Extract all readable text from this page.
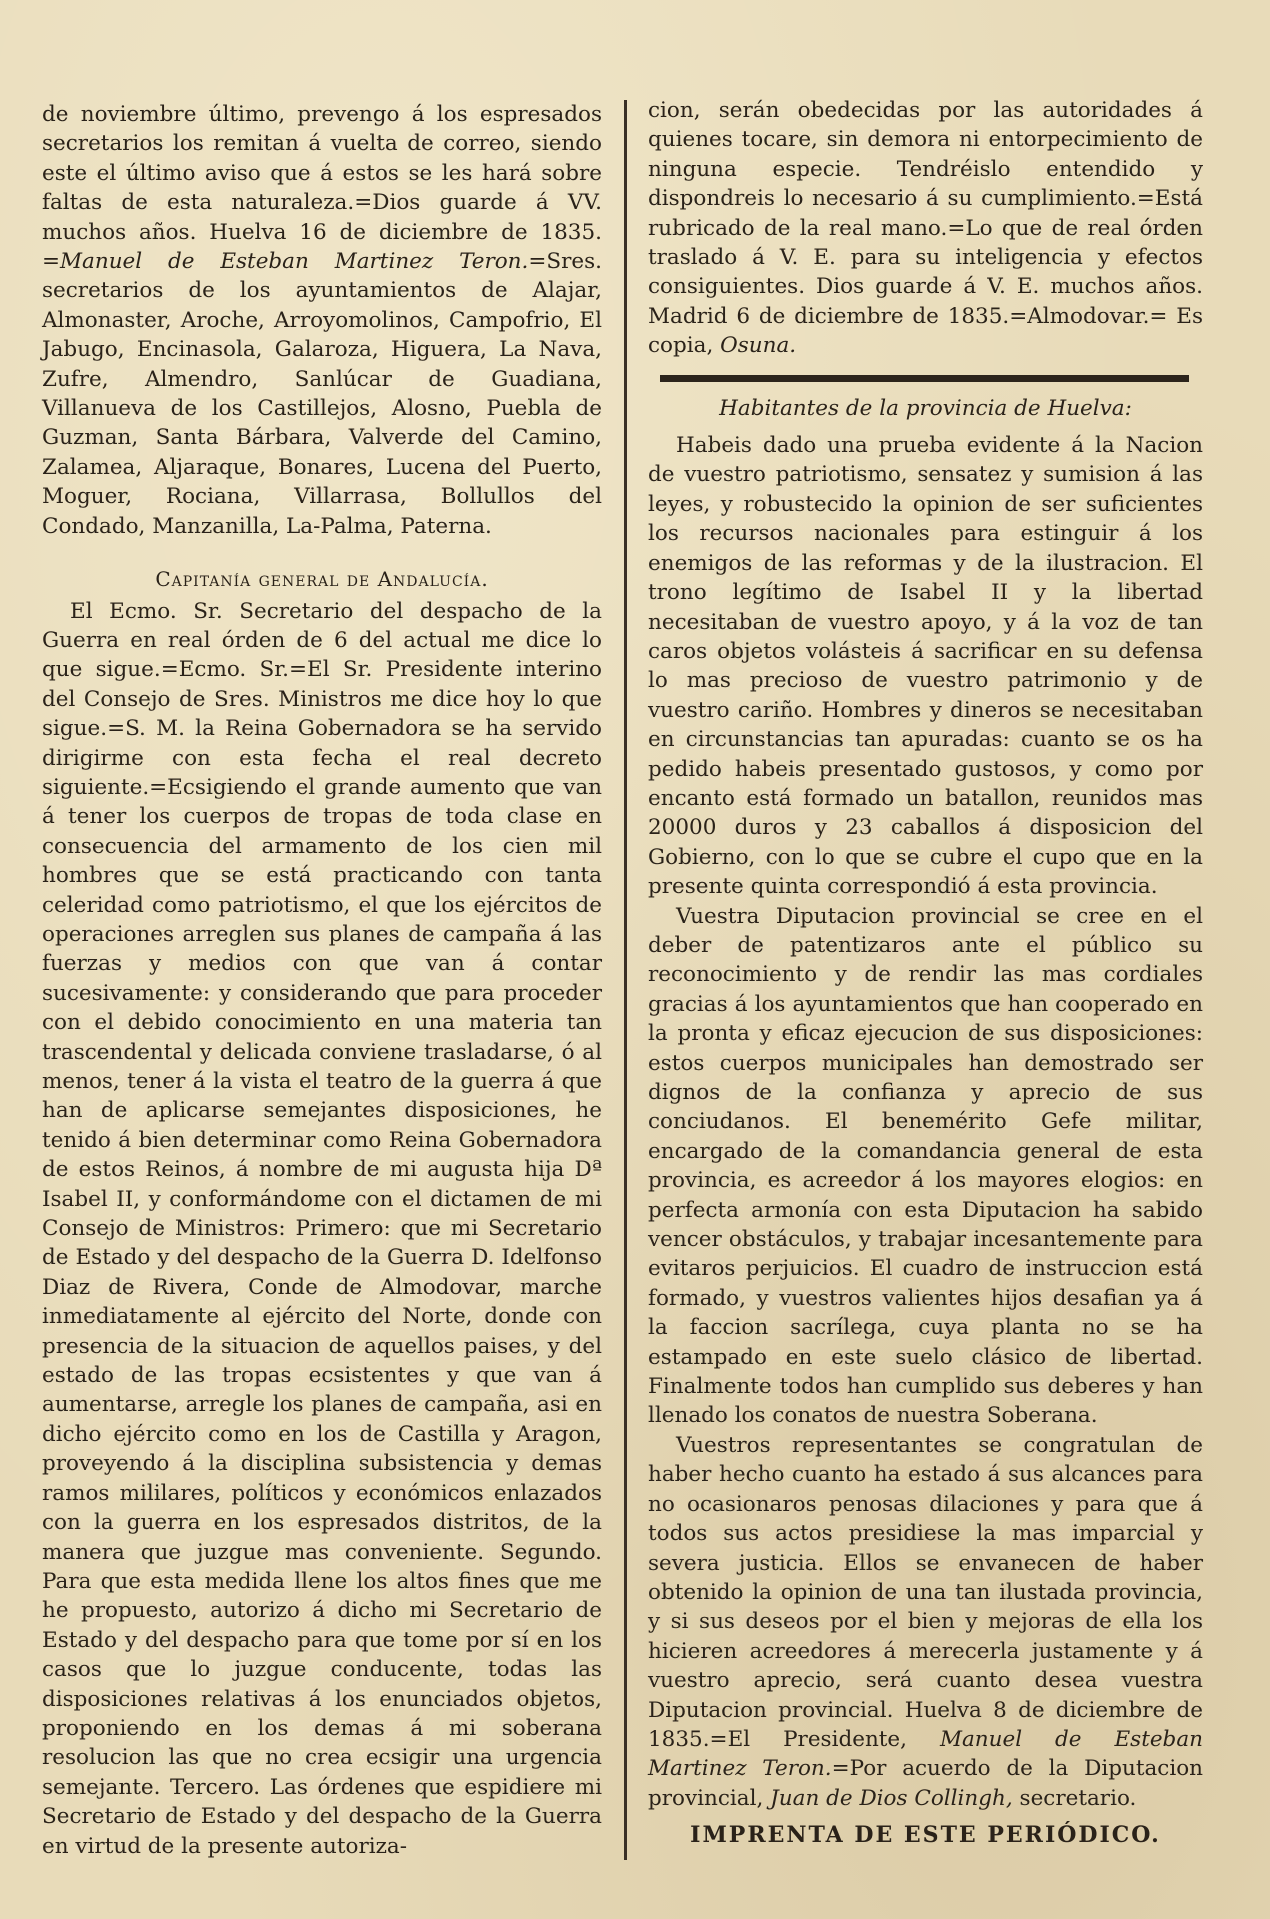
de noviembre último, prevengo á los espresados secretarios los remitan á vuelta de correo, siendo este el último aviso que á estos se les hará sobre faltas de esta naturaleza.=Dios guarde á VV. muchos años. Huelva 16 de diciembre de 1835. =Manuel de Esteban Martinez Teron.=Sres. secretarios de los ayuntamientos de Alajar, Almonaster, Aroche, Arroyomolinos, Campofrio, El Jabugo, Encinasola, Galaroza, Higuera, La Nava, Zufre, Almendro, Sanlúcar de Guadiana, Villanueva de los Castillejos, Alosno, Puebla de Guzman, Santa Bárbara, Valverde del Camino, Zalamea, Aljaraque, Bonares, Lucena del Puerto, Moguer, Rociana, Villarrasa, Bollullos del Condado, Manzanilla, La-Palma, Paterna.

Capitanía general de Andalucía.

El Ecmo. Sr. Secretario del despacho de la Guerra en real órden de 6 del actual me dice lo que sigue.=Ecmo. Sr.=El Sr. Presidente interino del Consejo de Sres. Ministros me dice hoy lo que sigue.=S. M. la Reina Gobernadora se ha servido dirigirme con esta fecha el real decreto siguiente.=Ecsigiendo el grande aumento que van á tener los cuerpos de tropas de toda clase en consecuencia del armamento de los cien mil hombres que se está practicando con tanta celeridad como patriotismo, el que los ejércitos de operaciones arreglen sus planes de campaña á las fuerzas y medios con que van á contar sucesivamente: y considerando que para proceder con el debido conocimiento en una materia tan trascendental y delicada conviene trasladarse, ó al menos, tener á la vista el teatro de la guerra á que han de aplicarse semejantes disposiciones, he tenido á bien determinar como Reina Gobernadora de estos Reinos, á nombre de mi augusta hija Dª Isabel II, y conformándome con el dictamen de mi Consejo de Ministros: Primero: que mi Secretario de Estado y del despacho de la Guerra D. Idelfonso Diaz de Rivera, Conde de Almodovar, marche inmediatamente al ejército del Norte, donde con presencia de la situacion de aquellos paises, y del estado de las tropas ecsistentes y que van á aumentarse, arregle los planes de campaña, asi en dicho ejército como en los de Castilla y Aragon, proveyendo á la disciplina subsistencia y demas ramos mililares, políticos y económicos enlazados con la guerra en los espresados distritos, de la manera que juzgue mas conveniente. Segundo. Para que esta medida llene los altos fines que me he propuesto, autorizo á dicho mi Secretario de Estado y del despacho para que tome por sí en los casos que lo juzgue conducente, todas las disposiciones relativas á los enunciados objetos, proponiendo en los demas á mi soberana resolucion las que no crea ecsigir una urgencia semejante. Tercero. Las órdenes que espidiere mi Secretario de Estado y del despacho de la Guerra en virtud de la presente autoriza-

cion, serán obedecidas por las autoridades á quienes tocare, sin demora ni entorpecimiento de ninguna especie. Tendréislo entendido y dispondreis lo necesario á su cumplimiento.=Está rubricado de la real mano.=Lo que de real órden traslado á V. E. para su inteligencia y efectos consiguientes. Dios guarde á V. E. muchos años. Madrid 6 de diciembre de 1835.=Almodovar.= Es copia, Osuna.

Habitantes de la provincia de Huelva:

Habeis dado una prueba evidente á la Nacion de vuestro patriotismo, sensatez y sumision á las leyes, y robustecido la opinion de ser suficientes los recursos nacionales para estinguir á los enemigos de las reformas y de la ilustracion. El trono legítimo de Isabel II y la libertad necesitaban de vuestro apoyo, y á la voz de tan caros objetos volásteis á sacrificar en su defensa lo mas precioso de vuestro patrimonio y de vuestro cariño. Hombres y dineros se necesitaban en circunstancias tan apuradas: cuanto se os ha pedido habeis presentado gustosos, y como por encanto está formado un batallon, reunidos mas 20000 duros y 23 caballos á disposicion del Gobierno, con lo que se cubre el cupo que en la presente quinta correspondió á esta provincia.

Vuestra Diputacion provincial se cree en el deber de patentizaros ante el público su reconocimiento y de rendir las mas cordiales gracias á los ayuntamientos que han cooperado en la pronta y eficaz ejecucion de sus disposiciones: estos cuerpos municipales han demostrado ser dignos de la confianza y aprecio de sus conciudanos. El benemérito Gefe militar, encargado de la comandancia general de esta provincia, es acreedor á los mayores elogios: en perfecta armonía con esta Diputacion ha sabido vencer obstáculos, y trabajar incesantemente para evitaros perjuicios. El cuadro de instruccion está formado, y vuestros valientes hijos desafian ya á la faccion sacrílega, cuya planta no se ha estampado en este suelo clásico de libertad. Finalmente todos han cumplido sus deberes y han llenado los conatos de nuestra Soberana.

Vuestros representantes se congratulan de haber hecho cuanto ha estado á sus alcances para no ocasionaros penosas dilaciones y para que á todos sus actos presidiese la mas imparcial y severa justicia. Ellos se envanecen de haber obtenido la opinion de una tan ilustada provincia, y si sus deseos por el bien y mejoras de ella los hicieren acreedores á merecerla justamente y á vuestro aprecio, será cuanto desea vuestra Diputacion provincial. Huelva 8 de diciembre de 1835.=El Presidente, Manuel de Esteban Martinez Teron.=Por acuerdo de la Diputacion provincial, Juan de Dios Collingh, secretario.

IMPRENTA DE ESTE PERIÓDICO.
